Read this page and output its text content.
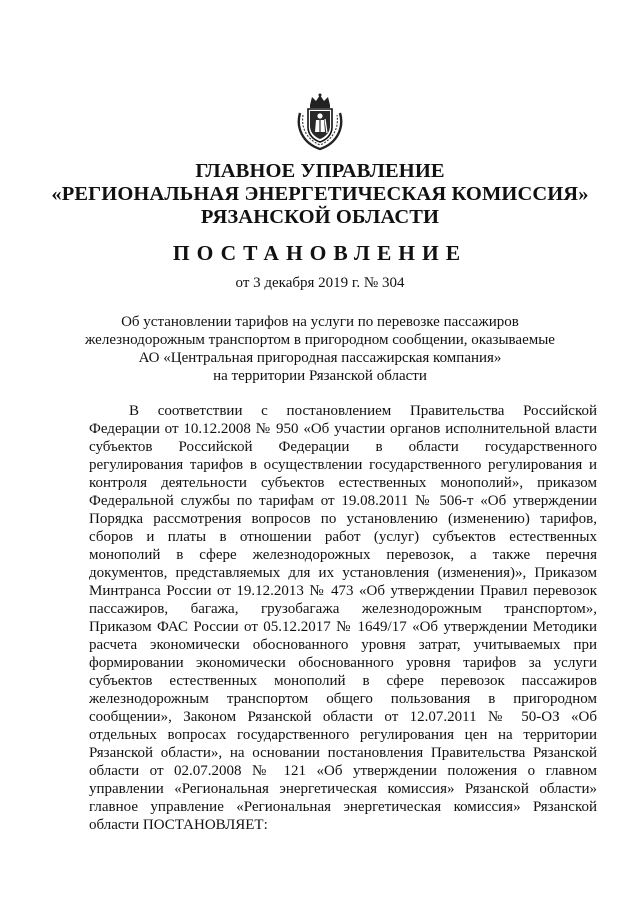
ГЛАВНОЕ УПРАВЛЕНИЕ
«РЕГИОНАЛЬНАЯ ЭНЕРГЕТИЧЕСКАЯ КОМИССИЯ»
РЯЗАНСКОЙ ОБЛАСТИ
ПОСТАНОВЛЕНИЕ
от 3 декабря 2019 г. № 304
Об установлении тарифов на услуги по перевозке пассажиров
железнодорожным транспортом в пригородном сообщении, оказываемые
АО «Центральная пригородная пассажирская компания»
на территории Рязанской области
В соответствии с постановлением Правительства Российской
Федерации от 10.12.2008 № 950 «Об участии органов исполнительной власти
субъектов Российской Федерации в области государственного
регулирования тарифов в осуществлении государственного регулирования и
контроля деятельности субъектов естественных монополий», приказом
Федеральной службы по тарифам от 19.08.2011 № 506-т «Об утверждении
Порядка рассмотрения вопросов по установлению (изменению) тарифов,
сборов и платы в отношении работ (услуг) субъектов естественных
монополий в сфере железнодорожных перевозок, а также перечня
документов, представляемых для их установления (изменения)», Приказом
Минтранса России от 19.12.2013 № 473 «Об утверждении Правил перевозок
пассажиров, багажа, грузобагажа железнодорожным транспортом»,
Приказом ФАС России от 05.12.2017 № 1649/17 «Об утверждении Методики
расчета экономически обоснованного уровня затрат, учитываемых при
формировании экономически обоснованного уровня тарифов за услуги
субъектов естественных монополий в сфере перевозок пассажиров
железнодорожным транспортом общего пользования в пригородном
сообщении», Законом Рязанской области от 12.07.2011 № 50-ОЗ «Об
отдельных вопросах государственного регулирования цен на территории
Рязанской области», на основании постановления Правительства Рязанской
области от 02.07.2008 № 121 «Об утверждении положения о главном
управлении «Региональная энергетическая комиссия» Рязанской области»
главное управление «Региональная энергетическая комиссия» Рязанской
области ПОСТАНОВЛЯЕТ:
